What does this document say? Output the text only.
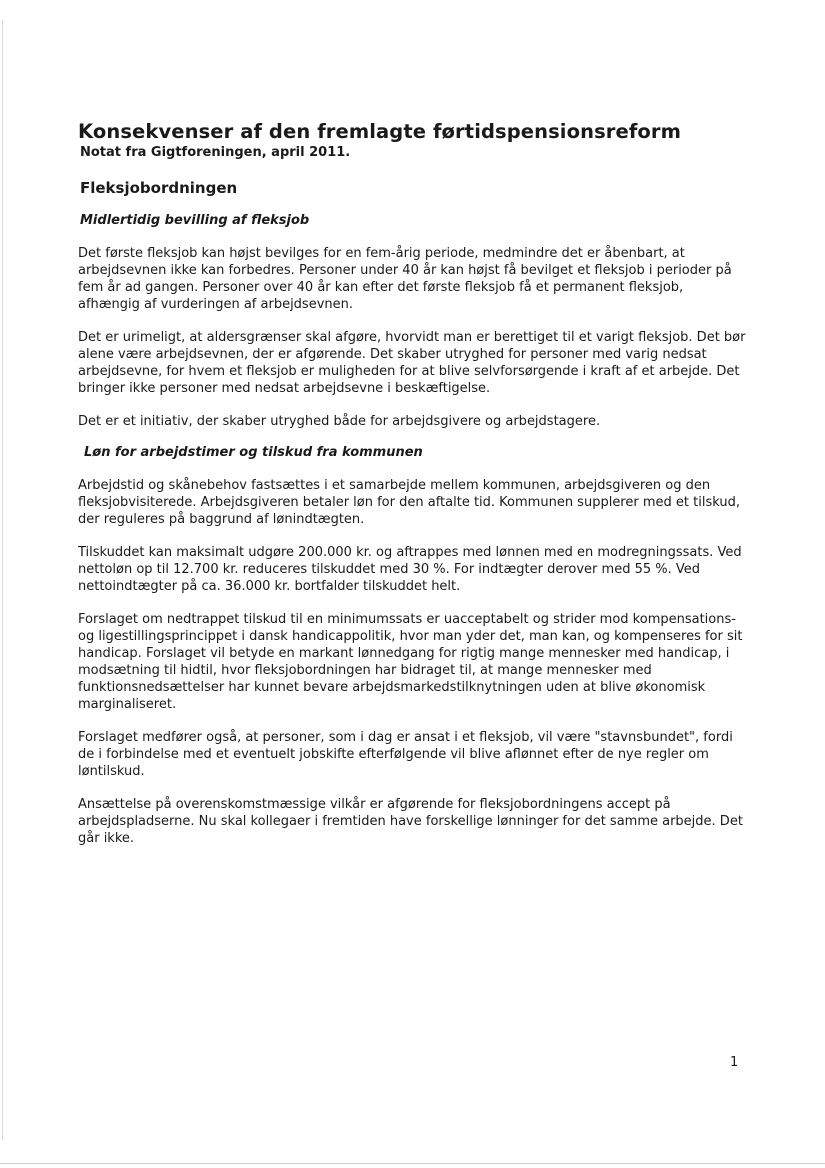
Konsekvenser af den fremlagte førtidspensionsreform
Notat fra Gigtforeningen, april 2011.
Fleksjobordningen
Midlertidig bevilling af fleksjob

Det første fleksjob kan højst bevilges for en fem-årig periode, medmindre det er åbenbart, at arbejdsevnen ikke kan forbedres. Personer under 40 år kan højst få bevilget et fleksjob i perioder på fem år ad gangen. Personer over 40 år kan efter det første fleksjob få et permanent fleksjob, afhængig af vurderingen af arbejdsevnen.

Det er urimeligt, at aldersgrænser skal afgøre, hvorvidt man er berettiget til et varigt fleksjob. Det bør alene være arbejdsevnen, der er afgørende. Det skaber utryghed for personer med varig nedsat arbejdsevne, for hvem et fleksjob er muligheden for at blive selvforsørgende i kraft af et arbejde. Det bringer ikke personer med nedsat arbejdsevne i beskæftigelse.

Det er et initiativ, der skaber utryghed både for arbejdsgivere og arbejdstagere.

Løn for arbejdstimer og tilskud fra kommunen

Arbejdstid og skånebehov fastsættes i et samarbejde mellem kommunen, arbejdsgiveren og den fleksjobvisiterede. Arbejdsgiveren betaler løn for den aftalte tid. Kommunen supplerer med et tilskud, der reguleres på baggrund af lønindtægten.

Tilskuddet kan maksimalt udgøre 200.000 kr. og aftrappes med lønnen med en modregningssats. Ved nettoløn op til 12.700 kr. reduceres tilskuddet med 30 %. For indtægter derover med 55 %. Ved nettoindtægter på ca. 36.000 kr. bortfalder tilskuddet helt.

Forslaget om nedtrappet tilskud til en minimumssats er uacceptabelt og strider mod kompensations- og ligestillingsprincippet i dansk handicappolitik, hvor man yder det, man kan, og kompenseres for sit handicap. Forslaget vil betyde en markant lønnedgang for rigtig mange mennesker med handicap, i modsætning til hidtil, hvor fleksjobordningen har bidraget til, at mange mennesker med funktionsnedsættelser har kunnet bevare arbejdsmarkedstilknytningen uden at blive økonomisk marginaliseret.

Forslaget medfører også, at personer, som i dag er ansat i et fleksjob, vil være "stavnsbundet", fordi de i forbindelse med et eventuelt jobskifte efterfølgende vil blive aflønnet efter de nye regler om løntilskud.

Ansættelse på overenskomstmæssige vilkår er afgørende for fleksjobordningens accept på arbejdspladserne. Nu skal kollegaer i fremtiden have forskellige lønninger for det samme arbejde. Det går ikke.

1
